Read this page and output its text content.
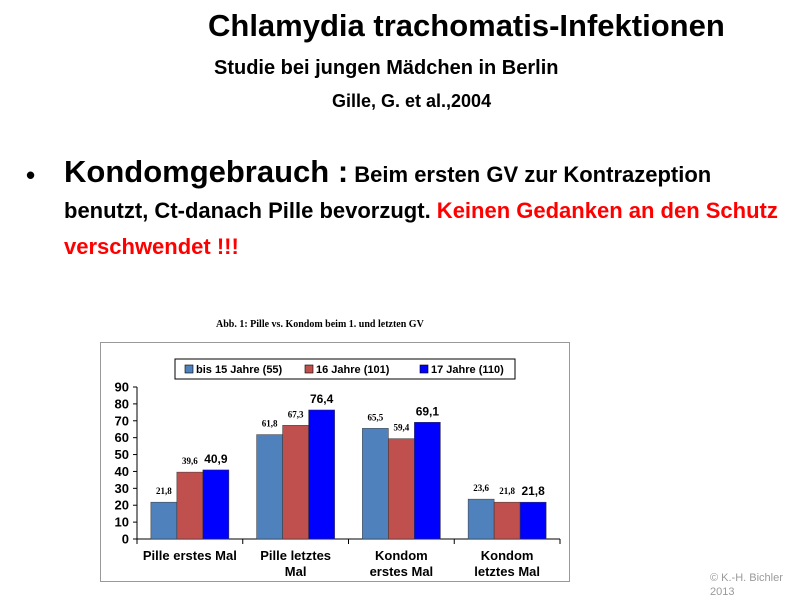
Chlamydia trachomatis-Infektionen
Studie bei jungen Mädchen in Berlin
Gille, G. et al.,2004
• Kondomgebrauch : Beim ersten GV zur Kontrazeption benutzt, Ct-danach Pille bevorzugt. Keinen Gedanken an den Schutz verschwendet !!!
Abb. 1: Pille vs. Kondom beim 1. und letzten GV
bis 15 Jahre (55)	16 Jahre (101)	17 Jahre (110)
0
10
20
30
40
50
60
70
80
90
21,8
39,6 40,9
Pille erstes Mal
61,8
67,3
76,4
Pille letztes
Mal
65,5
59,4
69,1
Kondom
erstes Mal
23,6 21,8 21,8
Kondom
letztes Mal	© K.-H. Bichler
2013
